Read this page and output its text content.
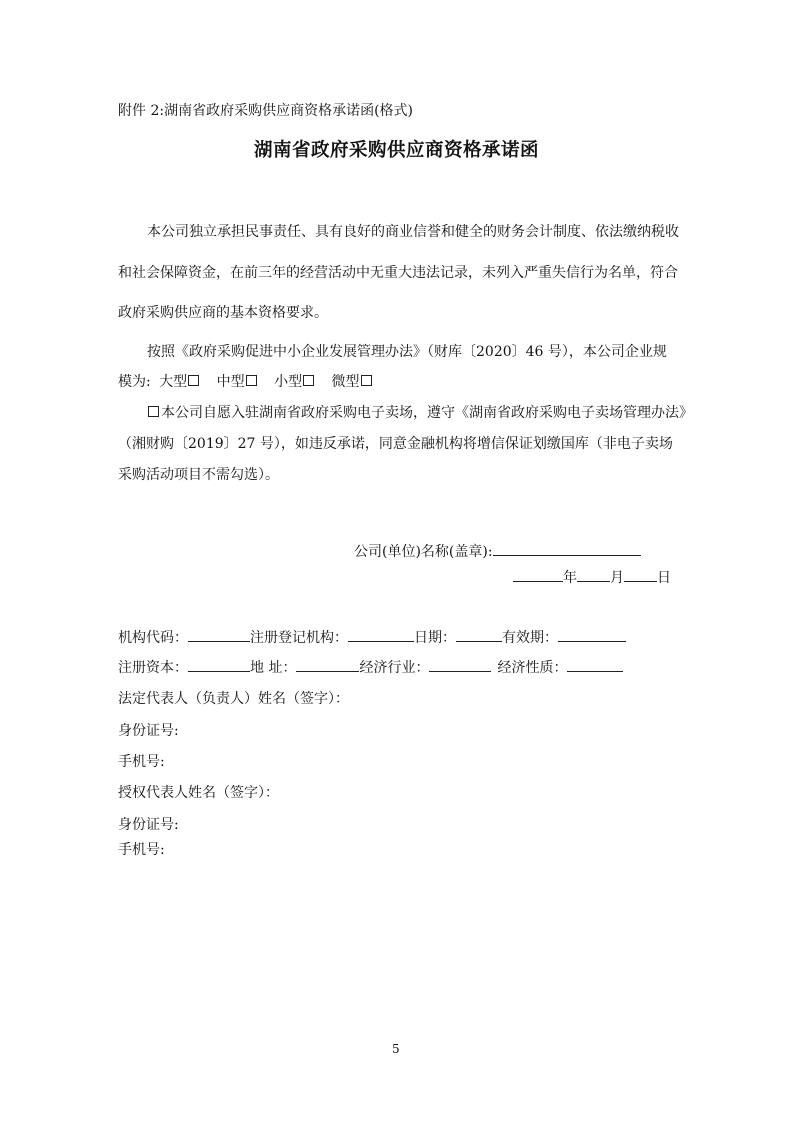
附件 2:湖南省政府采购供应商资格承诺函(格式)
湖南省政府采购供应商资格承诺函
本公司独立承担民事责任、具有良好的商业信誉和健全的财务会计制度、依法缴纳税收
和社会保障资金，在前三年的经营活动中无重大违法记录，未列入严重失信行为名单，符合
政府采购供应商的基本资格要求。
按照《政府采购促进中小企业发展管理办法》（财库〔2020〕46 号），本公司企业规
模为: 大型 中型 小型 微型
本公司自愿入驻湖南省政府采购电子卖场，遵守《湖南省政府采购电子卖场管理办法》
（湘财购〔2019〕27 号），如违反承诺，同意金融机构将增信保证划缴国库（非电子卖场
采购活动项目不需勾选）。
公司(单位)名称(盖章):
年 月 日
机构代码：	注册登记机构：	日期：	有效期：
注册资本：	地 址：	经济行业：	经济性质：
法定代表人（负责人）姓名（签字）：
身份证号:
手机号:
授权代表人姓名（签字）：
身份证号:
手机号:
5
